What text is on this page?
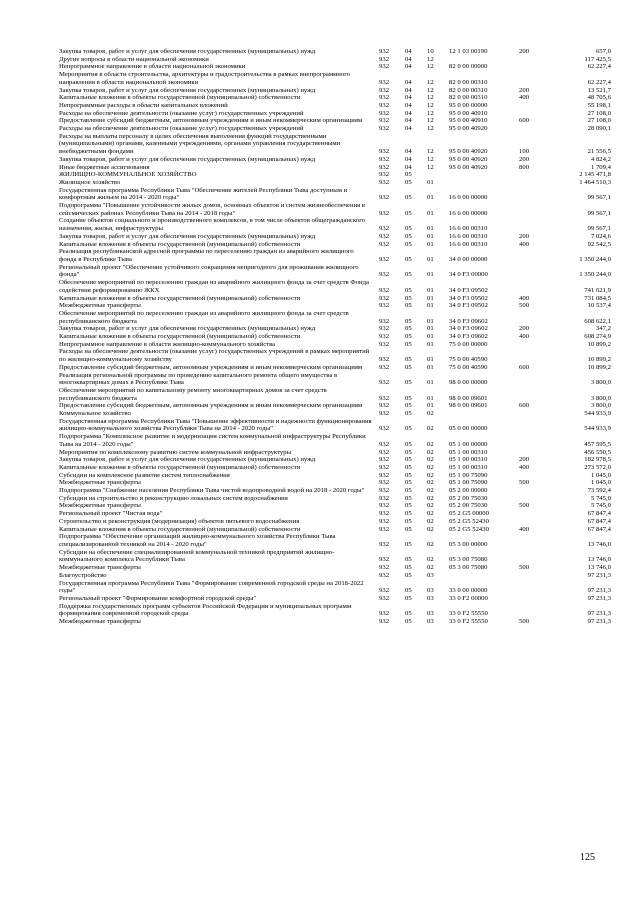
Закупка товаров, работ и услуг для обеспечения государственных (муниципальных) нужд	932	04	10	12 1 03 00190	200	657,0
Другие вопросы в области национальной экономики	932	04	12	117 425,5
Непрограммное направление в области национальной экономики	932	04	12	82 0 00 00000	62 227,4
Мероприятия в области строительства, архитектуры и градостроительства в рамках внепрограммного направления в области национальной экономики	932	04	12	82 0 00 00310	62 227,4
Закупка товаров, работ и услуг для обеспечения государственных (муниципальных) нужд	932	04	12	82 0 00 00310	200	13 521,7
Капитальные вложения в объекты государственной (муниципальной) собственности	932	04	12	82 0 00 00310	400	48 705,6
Непрограммные расходы в области капитальных вложений	932	04	12	95 0 00 00000	55 198,1
Расходы на обеспечение деятельности (оказание услуг) государственных учреждений	932	04	12	95 0 00 40910	27 108,0
Предоставление субсидий бюджетным, автономным учреждениям и иным некоммерческим организациям	932	04	12	95 0 00 40910	600	27 108,0
Расходы на обеспечение деятельности (оказание услуг) государственных учреждений	932	04	12	95 0 00 40920	28 090,1
Расходы на выплаты персоналу в целях обеспечения выполнения функций государственными (муниципальными) органами, казенными учреждениями, органами управления государственными внебюджетными фондами	932	04	12	95 0 00 40920	100	21 556,5
Закупка товаров, работ и услуг для обеспечения государственных (муниципальных) нужд	932	04	12	95 0 00 40920	200	4 824,2
Иные бюджетные ассигнования	932	04	12	95 0 00 40920	800	1 709,4
ЖИЛИЩНО-КОММУНАЛЬНОЕ ХОЗЯЙСТВО	932	05	2 145 471,8
Жилищное хозяйство	932	05	01	1 464 510,3
Государственная программа Республики Тыва "Обеспечение жителей Республики Тыва доступным и комфортным жильем на 2014 - 2020 годы"	932	05	01	16 0 00 00000	99 567,1
Подпрограмма "Повышение устойчивости жилых домов, основных объектов и систем жизнеобеспечения в сейсмических районах Республики Тыва на 2014 - 2018 годы"	932	05	01	16 6 00 00000	99 567,1
Создание объектов социального и производственного комплексов, в том числе объектов общегражданского назначения, жилья, инфраструктуры	932	05	01	16 6 00 00310	99 567,1
Закупка товаров, работ и услуг для обеспечения государственных (муниципальных) нужд	932	05	01	16 6 00 00310	200	7 024,6
Капитальные вложения в объекты государственной (муниципальной) собственности	932	05	01	16 6 00 00310	400	92 542,5
Реализация республиканской адресной программы по переселению граждан из аварийного жилищного фонда в Республике Тыва	932	05	01	34 0 00 00000	1 350 244,0
Региональный проект "Обеспечение устойчивого сокращения непригодного для проживания жилищного фонда"	932	05	01	34 0 F3 00000	1 350 244,0
Обеспечение мероприятий по переселению граждан из аварийного жилищного фонда за счет средств Фонда содействия реформированию ЖКХ	932	05	01	34 0 F3 09502	741 621,9
Капитальные вложения в объекты государственной (муниципальной) собственности	932	05	01	34 0 F3 09502	400	731 084,5
Межбюджетные трансферты	932	05	01	34 0 F3 09502	500	10 537,4
Обеспечение мероприятий по переселению граждан из аварийного жилищного фонда за счет средств республиканского бюджета	932	05	01	34 0 F3 09602	608 622,1
Закупка товаров, работ и услуг для обеспечения государственных (муниципальных) нужд	932	05	01	34 0 F3 09602	200	347,2
Капитальные вложения в объекты государственной (муниципальной) собственности	932	05	01	34 0 F3 09602	400	608 274,9
Непрограммное направление в области жилищно-коммунального хозяйства	932	05	01	75 0 00 00000	10 899,2
Расходы на обеспечение деятельности (оказание услуг) государственных учреждений в рамках мероприятий по жилищно-коммунальному хозяйству	932	05	01	75 0 00 40590	10 899,2
Предоставление субсидий бюджетным, автономным учреждениям и иным некоммерческим организациям	932	05	01	75 0 00 40590	600	10 899,2
Реализация региональной программы по проведению капитального ремонта общего имущества в многоквартирных домах в Республике Тыва	932	05	01	98 0 00 00000	3 800,0
Обеспечение мероприятий по капитальному ремонту многоквартирных домов за счет средств республиканского бюджета	932	05	01	98 0 00 09601	3 800,0
Предоставление субсидий бюджетным, автономным учреждениям и иным некоммерческим организациям	932	05	01	98 0 00 09601	600	3 800,0
Коммунальное хозяйство	932	05	02	544 933,9
Государственная программа Республики Тыва "Повышение эффективности и надежности функционирования жилищно-коммунального хозяйства Республики Тыва на 2014 - 2020 годы"	932	05	02	05 0 00 00000	544 933,9
Подпрограмма "Комплексное развитие и модернизация систем коммунальной инфраструктуры Республики Тыва на 2014 - 2020 годы"	932	05	02	05 1 00 00000	457 595,5
Мероприятия по комплексному развитию систем коммунальной инфраструктуры	932	05	02	05 1 00 00310	456 550,5
Закупка товаров, работ и услуг для обеспечения государственных (муниципальных) нужд	932	05	02	05 1 00 00310	200	182 978,5
Капитальные вложения в объекты государственной (муниципальной) собственности	932	05	02	05 1 00 00310	400	273 572,0
Субсидии на комплексное развитие систем теплоснабжения	932	05	02	05 1 00 75090	1 045,0
Межбюджетные трансферты	932	05	02	05 1 00 75090	500	1 045,0
Подпрограмма "Снабжение населения Республики Тыва чистой водопроводной водой на 2018 - 2020 годы"	932	05	02	05 2 00 00000	73 592,4
Субсидии на строительство и реконструкцию локальных систем водоснабжения	932	05	02	05 2 00 75030	5 745,0
Межбюджетные трансферты	932	05	02	05 2 00 75030	500	5 745,0
Региональный проект "Чистая вода"	932	05	02	05 2 G5 00000	67 847,4
Строительство и реконструкция (модернизация) объектов питьевого водоснабжения	932	05	02	05 2 G5 52430	67 847,4
Капитальные вложения в объекты государственной (муниципальной) собственности	932	05	02	05 2 G5 52430	400	67 847,4
Подпрограмма "Обеспечение организаций жилищно-коммунального хозяйства Республики Тыва специализированной техникой на 2014 - 2020 годы"	932	05	02	05 3 00 00000	13 746,0
Субсидии на обеспечение специализированной коммунальной техникой предприятий жилищно-коммунального комплекса Республики Тыва	932	05	02	05 3 00 75080	13 746,0
Межбюджетные трансферты	932	05	02	05 3 00 75080	500	13 746,0
Благоустройство	932	05	03	97 231,3
Государственная программа Республики Тыва "Формирование современной городской среды на 2018-2022 годы"	932	05	03	33 0 00 00000	97 231,3
Региональный проект "Формирование комфортной городской среды"	932	05	03	33 0 F2 00000	97 231,3
Поддержка государственных программ субъектов Российской Федерации и муниципальных программ формирования современной городской среды	932	05	03	33 0 F2 55550	97 231,3
Межбюджетные трансферты	932	05	03	33 0 F2 55550	500	97 231,3
125
